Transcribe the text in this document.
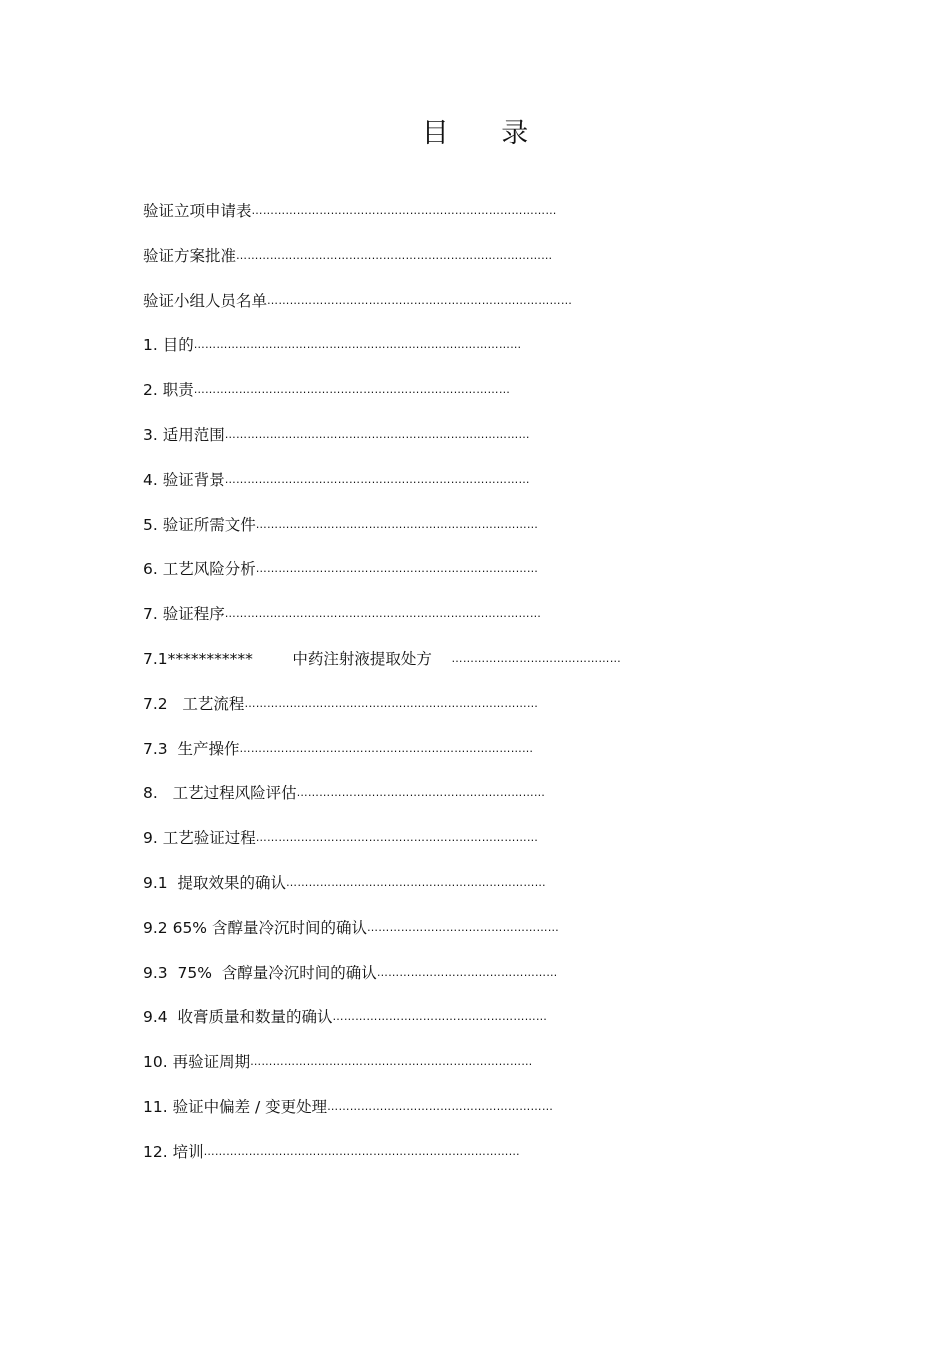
目 录
验证立项申请表………………………………………………………………………
验证方案批准…………………………………………………………………………
验证小组人员名单………………………………………………………………………
1. 目的……………………………………………………………………………
2. 职责…………………………………………………………………………
3. 适用范围………………………………………………………………………
4. 验证背景………………………………………………………………………
5. 验证所需文件…………………………………………………………………
6. 工艺风险分析…………………………………………………………………
7. 验证程序…………………………………………………………………………
7.1***********        中药注射液提取处方    ………………………………………
7.2   工艺流程……………………………………………………………………
7.3  生产操作……………………………………………………………………
8.   工艺过程风险评估…………………………………………………………
9. 工艺验证过程…………………………………………………………………
9.1  提取效果的确认……………………………………………………………
9.2 65% 含醇量冷沉时间的确认……………………………………………
9.3  75%  含醇量冷沉时间的确认…………………………………………
9.4  收膏质量和数量的确认…………………………………………………
10. 再验证周期…………………………………………………………………
11. 验证中偏差 / 变更处理……………………………………………………
12. 培训…………………………………………………………………………
